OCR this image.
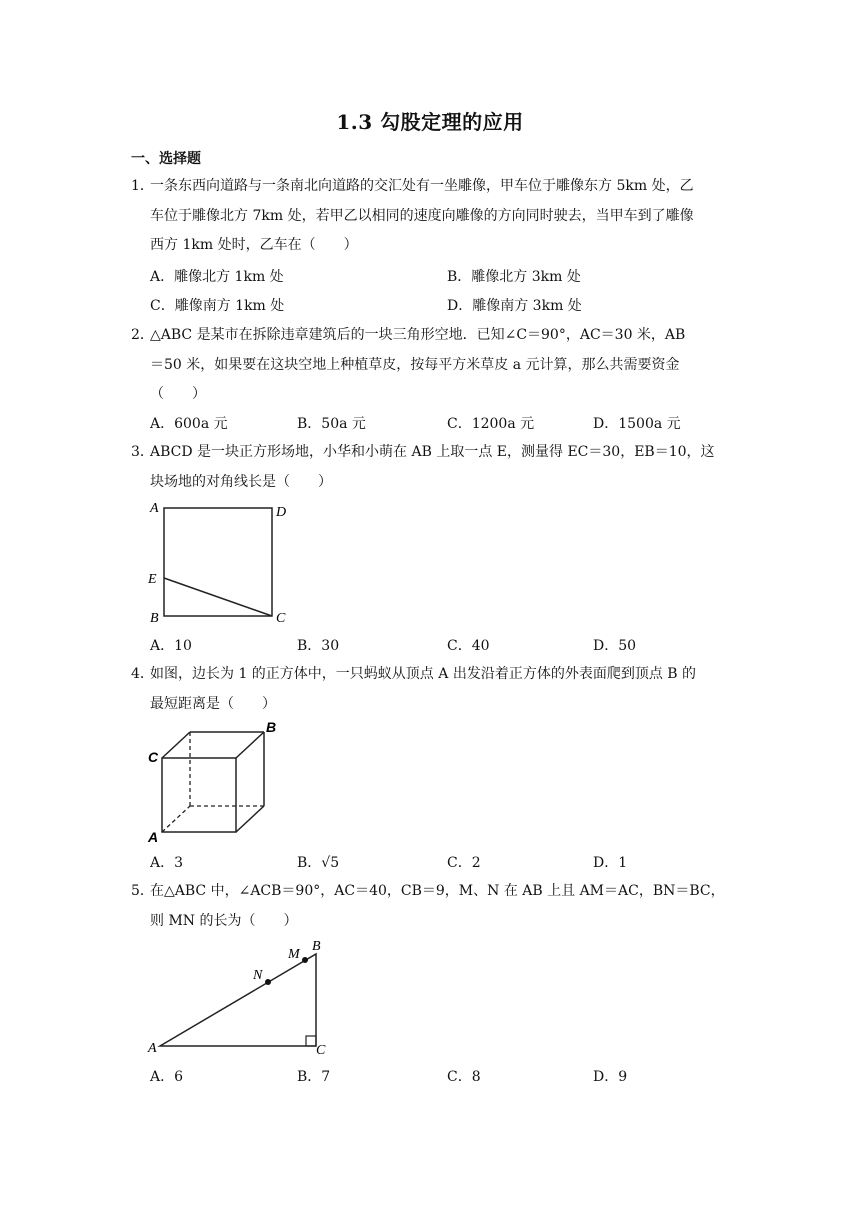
1.3 勾股定理的应用
一、选择题
1．一条东西向道路与一条南北向道路的交汇处有一坐雕像，甲车位于雕像东方 5km 处，乙
车位于雕像北方 7km 处，若甲乙以相同的速度向雕像的方向同时驶去，当甲车到了雕像
西方 1km 处时，乙车在（　　）
A．雕像北方 1km 处	B．雕像北方 3km 处
C．雕像南方 1km 处	D．雕像南方 3km 处
2．△ABC 是某市在拆除违章建筑后的一块三角形空地．已知∠C＝90°，AC＝30 米，AB
＝50 米，如果要在这块空地上种植草皮，按每平方米草皮 a 元计算，那么共需要资金
（　　）
A．600a 元	B．50a 元	C．1200a 元	D．1500a 元
3．ABCD 是一块正方形场地，小华和小萌在 AB 上取一点 E，测量得 EC＝30，EB＝10，这
块场地的对角线长是（　　）
A	D
E
B	C
A．10	B．30	C．40	D．50
4．如图，边长为 1 的正方体中，一只蚂蚁从顶点 A 出发沿着正方体的外表面爬到顶点 B 的
最短距离是（　　）
B
C
A
A．3	B．√5	C．2	D．1
5．在△ABC 中，∠ACB＝90°，AC＝40，CB＝9，M、N 在 AB 上且 AM＝AC，BN＝BC，
则 MN 的长为（　　）
M
B
N
A	C
A．6	B．7	C．8	D．9
